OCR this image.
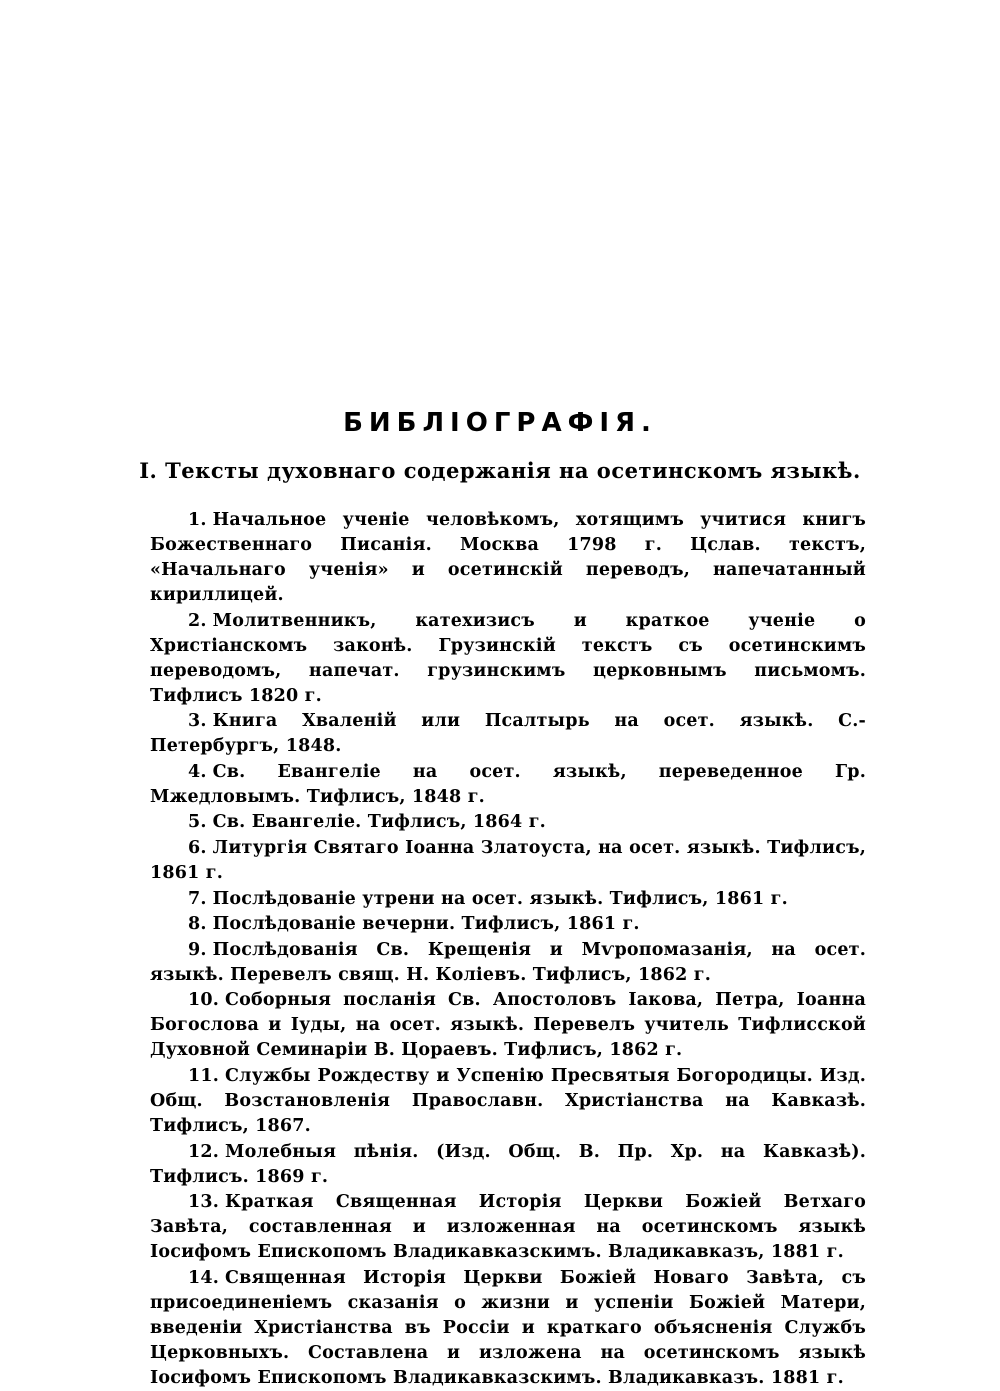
БИБЛIОГРАФIЯ.
I. Тексты духовнаго содержанія на осетинскомъ языкѣ.
1. Начальное ученіе человѣкомъ, хотящимъ учитися книгъ Божественнаго Писанія. Москва 1798 г. Цслав. текстъ, «Начальнаго ученія» и осетинскій переводъ, напечатанный кириллицей.
2. Молитвенникъ, катехизисъ и краткое ученіе о Христіанскомъ законѣ. Грузинскій текстъ съ осетинскимъ переводомъ, напечат. грузинскимъ церковнымъ письмомъ. Тифлисъ 1820 г.
3. Книга Хваленій или Псалтырь на осет. языкѣ. С.-Петербургъ, 1848.
4. Св. Евангеліе на осет. языкѣ, переведенное Гр. Мжедловымъ. Тифлисъ, 1848 г.
5. Св. Евангеліе. Тифлисъ, 1864 г.
6. Литургія Святаго Іоанна Златоуста, на осет. языкѣ. Тифлисъ, 1861 г.
7. Послѣдованіе утрени на осет. языкѣ. Тифлисъ, 1861 г.
8. Послѣдованіе вечерни. Тифлисъ, 1861 г.
9. Послѣдованія Св. Крещенія и Мѵропомазанія, на осет. языкѣ. Перевелъ свящ. Н. Коліевъ. Тифлисъ, 1862 г.
10. Соборныя посланія Св. Апостоловъ Іакова, Петра, Іоанна Богослова и Іуды, на осет. языкѣ. Перевелъ учитель Тифлисской Духовной Семинаріи В. Цораевъ. Тифлисъ, 1862 г.
11. Службы Рождеству и Успенію Пресвятыя Богородицы. Изд. Общ. Возстановленія Православн. Христіанства на Кавказѣ. Тифлисъ, 1867.
12. Молебныя пѣнія. (Изд. Общ. В. Пр. Хр. на Кавказѣ). Тифлисъ. 1869 г.
13. Краткая Священная Исторія Церкви Божіей Ветхаго Завѣта, составленная и изложенная на осетинскомъ языкѣ Іосифомъ Епископомъ Владикавказскимъ. Владикавказъ, 1881 г.
14. Священная Исторія Церкви Божіей Новаго Завѣта, съ присоединеніемъ сказанія о жизни и успеніи Божіей Матери, введеніи Христіанства въ Россіи и краткаго объясненія Службъ Церковныхъ. Составлена и изложена на осетинскомъ языкѣ Іосифомъ Епископомъ Владикавказскимъ. Владикавказъ. 1881 г.
